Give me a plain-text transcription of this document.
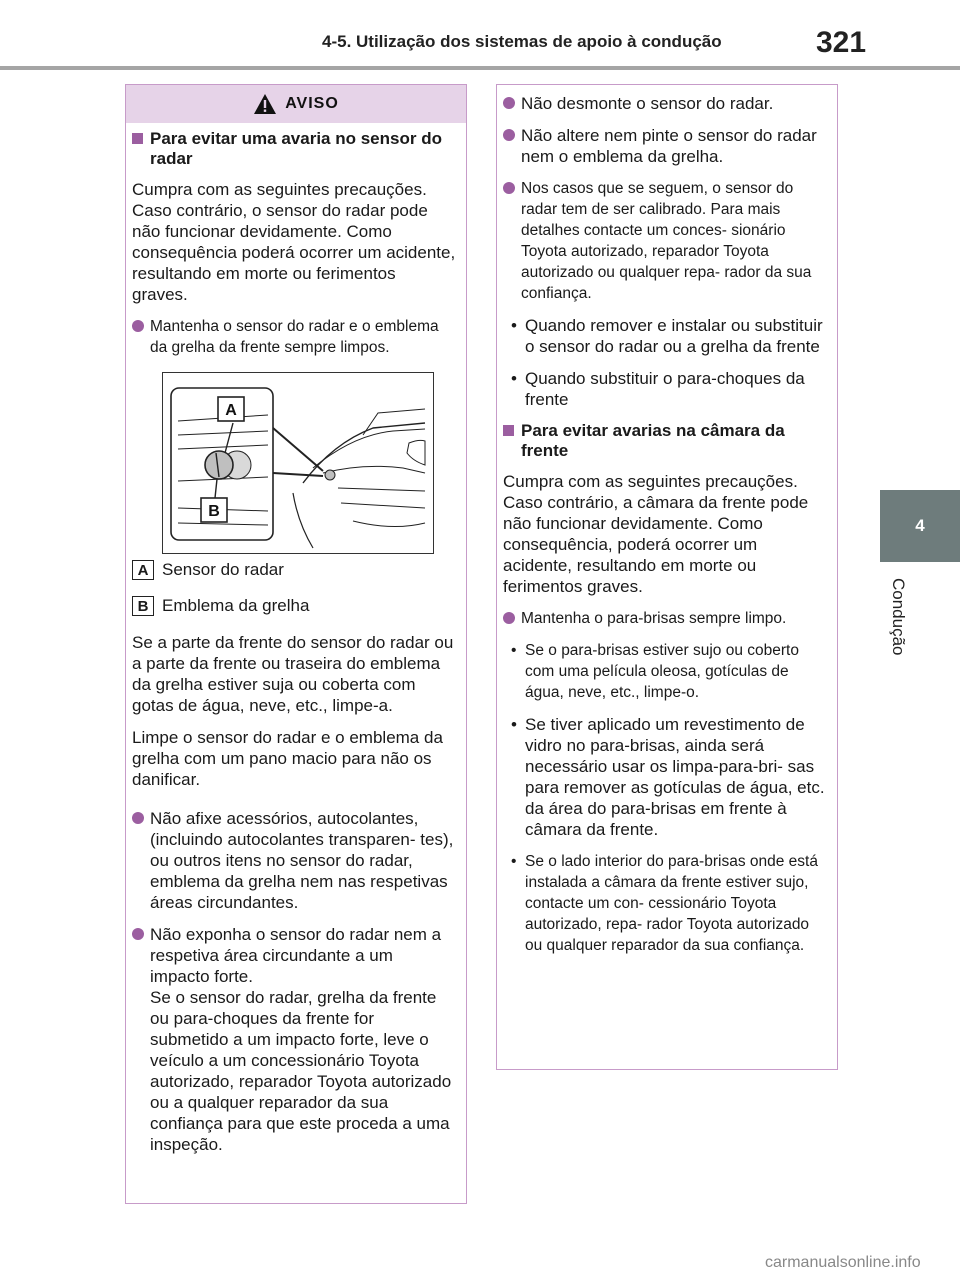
4-5. Utilização dos sistemas de apoio à condução	321
4
Condução
AVISO
Para evitar uma avaria no sensor do radar

Cumpra com as seguintes precauções. Caso contrário, o sensor do radar pode não funcionar devidamente. Como consequência poderá ocorrer um acidente, resultando em morte ou ferimentos graves.

Mantenha o sensor do radar e o emblema da grelha da frente sempre limpos.
A
B
A Sensor do radar
B Emblema da grelha

Se a parte da frente do sensor do radar ou a parte da frente ou traseira do emblema da grelha estiver suja ou coberta com gotas de água, neve, etc., limpe-a.

Limpe o sensor do radar e o emblema da grelha com um pano macio para não os danificar.

Não afixe acessórios, autocolantes, (incluindo autocolantes transparen- tes), ou outros itens no sensor do radar, emblema da grelha nem nas respetivas áreas circundantes.
Não exponha o sensor do radar nem a respetiva área circundante a um impacto forte.
Se o sensor do radar, grelha da frente ou para-choques da frente for submetido a um impacto forte, leve o veículo a um concessionário Toyota autorizado, reparador Toyota autorizado ou a qualquer reparador da sua confiança para que este proceda a uma inspeção.
Não desmonte o sensor do radar.
Não altere nem pinte o sensor do radar nem o emblema da grelha.
Nos casos que se seguem, o sensor do radar tem de ser calibrado. Para mais detalhes contacte um conces- sionário Toyota autorizado, reparador Toyota autorizado ou qualquer repa- rador da sua confiança.
• Quando remover e instalar ou substituir o sensor do radar ou a grelha da frente
• Quando substituir o para-choques da frente
Para evitar avarias na câmara da frente

Cumpra com as seguintes precauções. Caso contrário, a câmara da frente pode não funcionar devidamente. Como consequência, poderá ocorrer um acidente, resultando em morte ou ferimentos graves.

Mantenha o para-brisas sempre limpo.
• Se o para-brisas estiver sujo ou coberto com uma película oleosa, gotículas de água, neve, etc., limpe-o.
• Se tiver aplicado um revestimento de vidro no para-brisas, ainda será necessário usar os limpa-para-bri- sas para remover as gotículas de água, etc. da área do para-brisas em frente à câmara da frente.
• Se o lado interior do para-brisas onde está instalada a câmara da frente estiver sujo, contacte um con- cessionário Toyota autorizado, repa- rador Toyota autorizado ou qualquer reparador da sua confiança.
carmanualsonline.info
